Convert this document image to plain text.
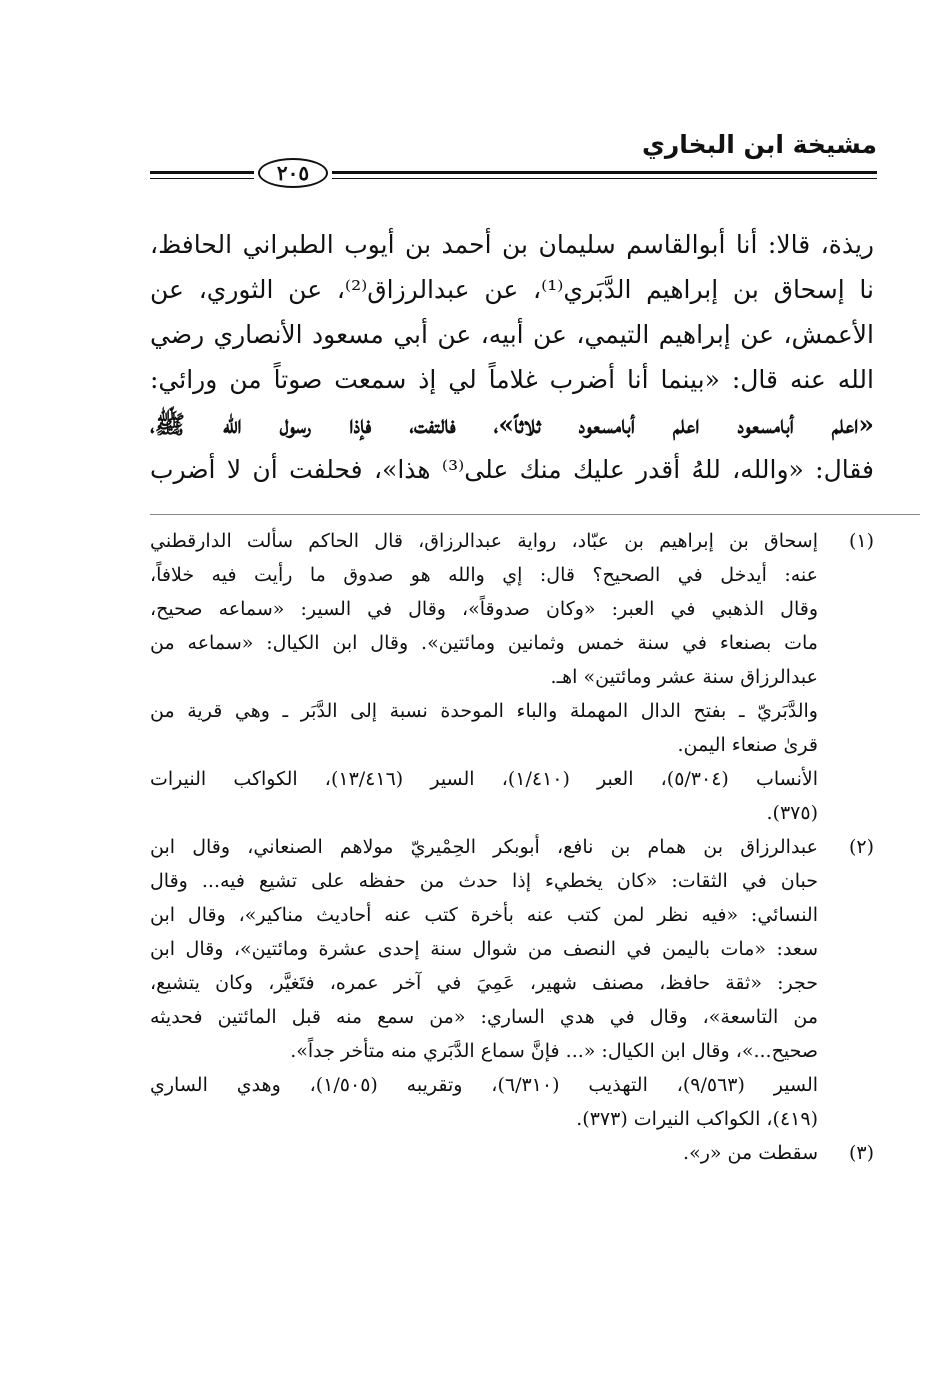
مشيخة ابن البخاري
٢٠٥
ريذة، قالا: أنا أبوالقاسم سليمان بن أحمد بن أيوب الطبراني الحافظ،
نا إسحاق بن إبراهيم الدَّبَري⁽¹⁾، عن عبدالرزاق⁽²⁾، عن الثوري، عن
الأعمش، عن إبراهيم التيمي، عن أبيه، عن أبي مسعود الأنصاري رضي
الله عنه قال: «بينما أنا أضرب غلاماً لي إذ سمعت صوتاً من ورائي:
«اعلم أبامسعود اعلم أبامسعود ثلاثاً»، فالتفت، فإذا رسول الله ﷺ،
فقال: «والله، للهُ أقدر عليك منك على⁽³⁾ هذا»، فحلفت أن لا أضرب
(١)
إسحاق بن إبراهيم بن عبّاد، رواية عبدالرزاق، قال الحاكم سألت الدارقطني
عنه: أيدخل في الصحيح؟ قال: إي والله هو صدوق ما رأيت فيه خلافاً،
وقال الذهبي في العبر: «وكان صدوقاً»، وقال في السير: «سماعه صحيح،
مات بصنعاء في سنة خمس وثمانين ومائتين». وقال ابن الكيال: «سماعه من
عبدالرزاق سنة عشر ومائتين» اهـ.
والدَّبَريّ ـ بفتح الدال المهملة والباء الموحدة نسبة إلى الدَّبَر ـ وهي قرية من
قرىٰ صنعاء اليمن.
الأنساب (٥/٣٠٤)، العبر (١/٤١٠)، السير (١٣/٤١٦)، الكواكب النيرات
(٣٧٥).
(٢)
عبدالرزاق بن همام بن نافع، أبوبكر الحِمْيريّ مولاهم الصنعاني، وقال ابن
حبان في الثقات: «كان يخطيء إذا حدث من حفظه على تشيع فيه... وقال
النسائي: «فيه نظر لمن كتب عنه بأخرة كتب عنه أحاديث مناكير»، وقال ابن
سعد: «مات باليمن في النصف من شوال سنة إحدى عشرة ومائتين»، وقال ابن
حجر: «ثقة حافظ، مصنف شهير، عَمِيَ في آخر عمره، فتَغيَّر، وكان يتشيع،
من التاسعة»، وقال في هدي الساري: «من سمع منه قبل المائتين فحديثه
صحيح...»، وقال ابن الكيال: «... فإنَّ سماع الدَّبَري منه متأخر جداً».
السير (٩/٥٦٣)، التهذيب (٦/٣١٠)، وتقريبه (١/٥٠٥)، وهدي الساري
(٤١٩)، الكواكب النيرات (٣٧٣).
(٣)
سقطت من «ر».
